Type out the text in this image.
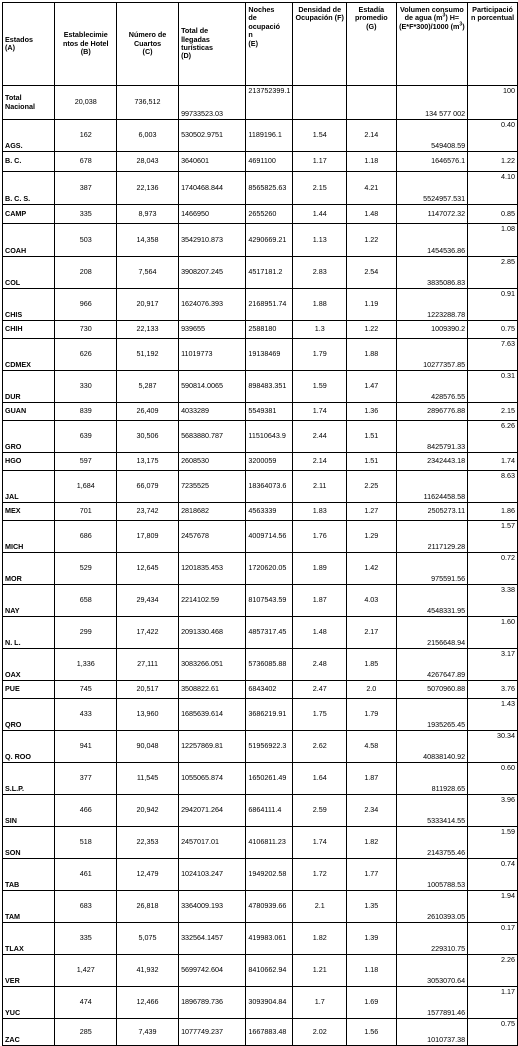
Estados
(A)	Establecimie
ntos de Hotel
(B)	Número de
Cuartos
(C)	Total de
llegadas
turísticas
(D)	Noches
de
ocupació
n
(E)	Densidad de
Ocupación (F)	Estadía
promedio
(G)	Volumen consumo de agua $(m^3)$ H= (E*F*300)/1000 $(m^3)$	Participació
n porcentual

Total Nacional	20,038	736,512	99733523.03	213752399.1			134 577 002	100
AGS.	162	6,003	530502.9751	1189196.1	1.54	2.14	549408.59	0.40
B. C.	678	28,043	3640601	4691100	1.17	1.18	1646576.1	1.22
B. C. S.	387	22,136	1740468.844	8565825.63	2.15	4.21	5524957.531	4.10
CAMP	335	8,973	1466950	2655260	1.44	1.48	1147072.32	0.85
COAH	503	14,358	3542910.873	4290669.21	1.13	1.22	1454536.86	1.08
COL	208	7,564	3908207.245	4517181.2	2.83	2.54	3835086.83	2.85
CHIS	966	20,917	1624076.393	2168951.74	1.88	1.19	1223288.78	0.91
CHIH	730	22,133	939655	2588180	1.3	1.22	1009390.2	0.75
CDMEX	626	51,192	11019773	19138469	1.79	1.88	10277357.85	7.63
DUR	330	5,287	590814.0065	898483.351	1.59	1.47	428576.55	0.31
GUAN	839	26,409	4033289	5549381	1.74	1.36	2896776.88	2.15
GRO	639	30,506	5683880.787	11510643.9	2.44	1.51	8425791.33	6.26
HGO	597	13,175	2608530	3200059	2.14	1.51	2342443.18	1.74
JAL	1,684	66,079	7235525	18364073.6	2.11	2.25	11624458.58	8.63
MEX	701	23,742	2818682	4563339	1.83	1.27	2505273.11	1.86
MICH	686	17,809	2457678	4009714.56	1.76	1.29	2117129.28	1.57
MOR	529	12,645	1201835.453	1720620.05	1.89	1.42	975591.56	0.72
NAY	658	29,434	2214102.59	8107543.59	1.87	4.03	4548331.95	3.38
N. L.	299	17,422	2091330.468	4857317.45	1.48	2.17	2156648.94	1.60
OAX	1,336	27,111	3083266.051	5736085.88	2.48	1.85	4267647.89	3.17
PUE	745	20,517	3508822.61	6843402	2.47	2.0	5070960.88	3.76
QRO	433	13,960	1685639.614	3686219.91	1.75	1.79	1935265.45	1.43
Q. ROO	941	90,048	12257869.81	51956922.3	2.62	4.58	40838140.92	30.34
S.L.P.	377	11,545	1055065.874	1650261.49	1.64	1.87	811928.65	0.60
SIN	466	20,942	2942071.264	6864111.4	2.59	2.34	5333414.55	3.96
SON	518	22,353	2457017.01	4106811.23	1.74	1.82	2143755.46	1.59
TAB	461	12,479	1024103.247	1949202.58	1.72	1.77	1005788.53	0.74
TAM	683	26,818	3364009.193	4780939.66	2.1	1.35	2610393.05	1.94
TLAX	335	5,075	332564.1457	419983.061	1.82	1.39	229310.75	0.17
VER	1,427	41,932	5699742.604	8410662.94	1.21	1.18	3053070.64	2.26
YUC	474	12,466	1896789.736	3093904.84	1.7	1.69	1577891.46	1.17
ZAC	285	7,439	1077749.237	1667883.48	2.02	1.56	1010737.38	0.75
